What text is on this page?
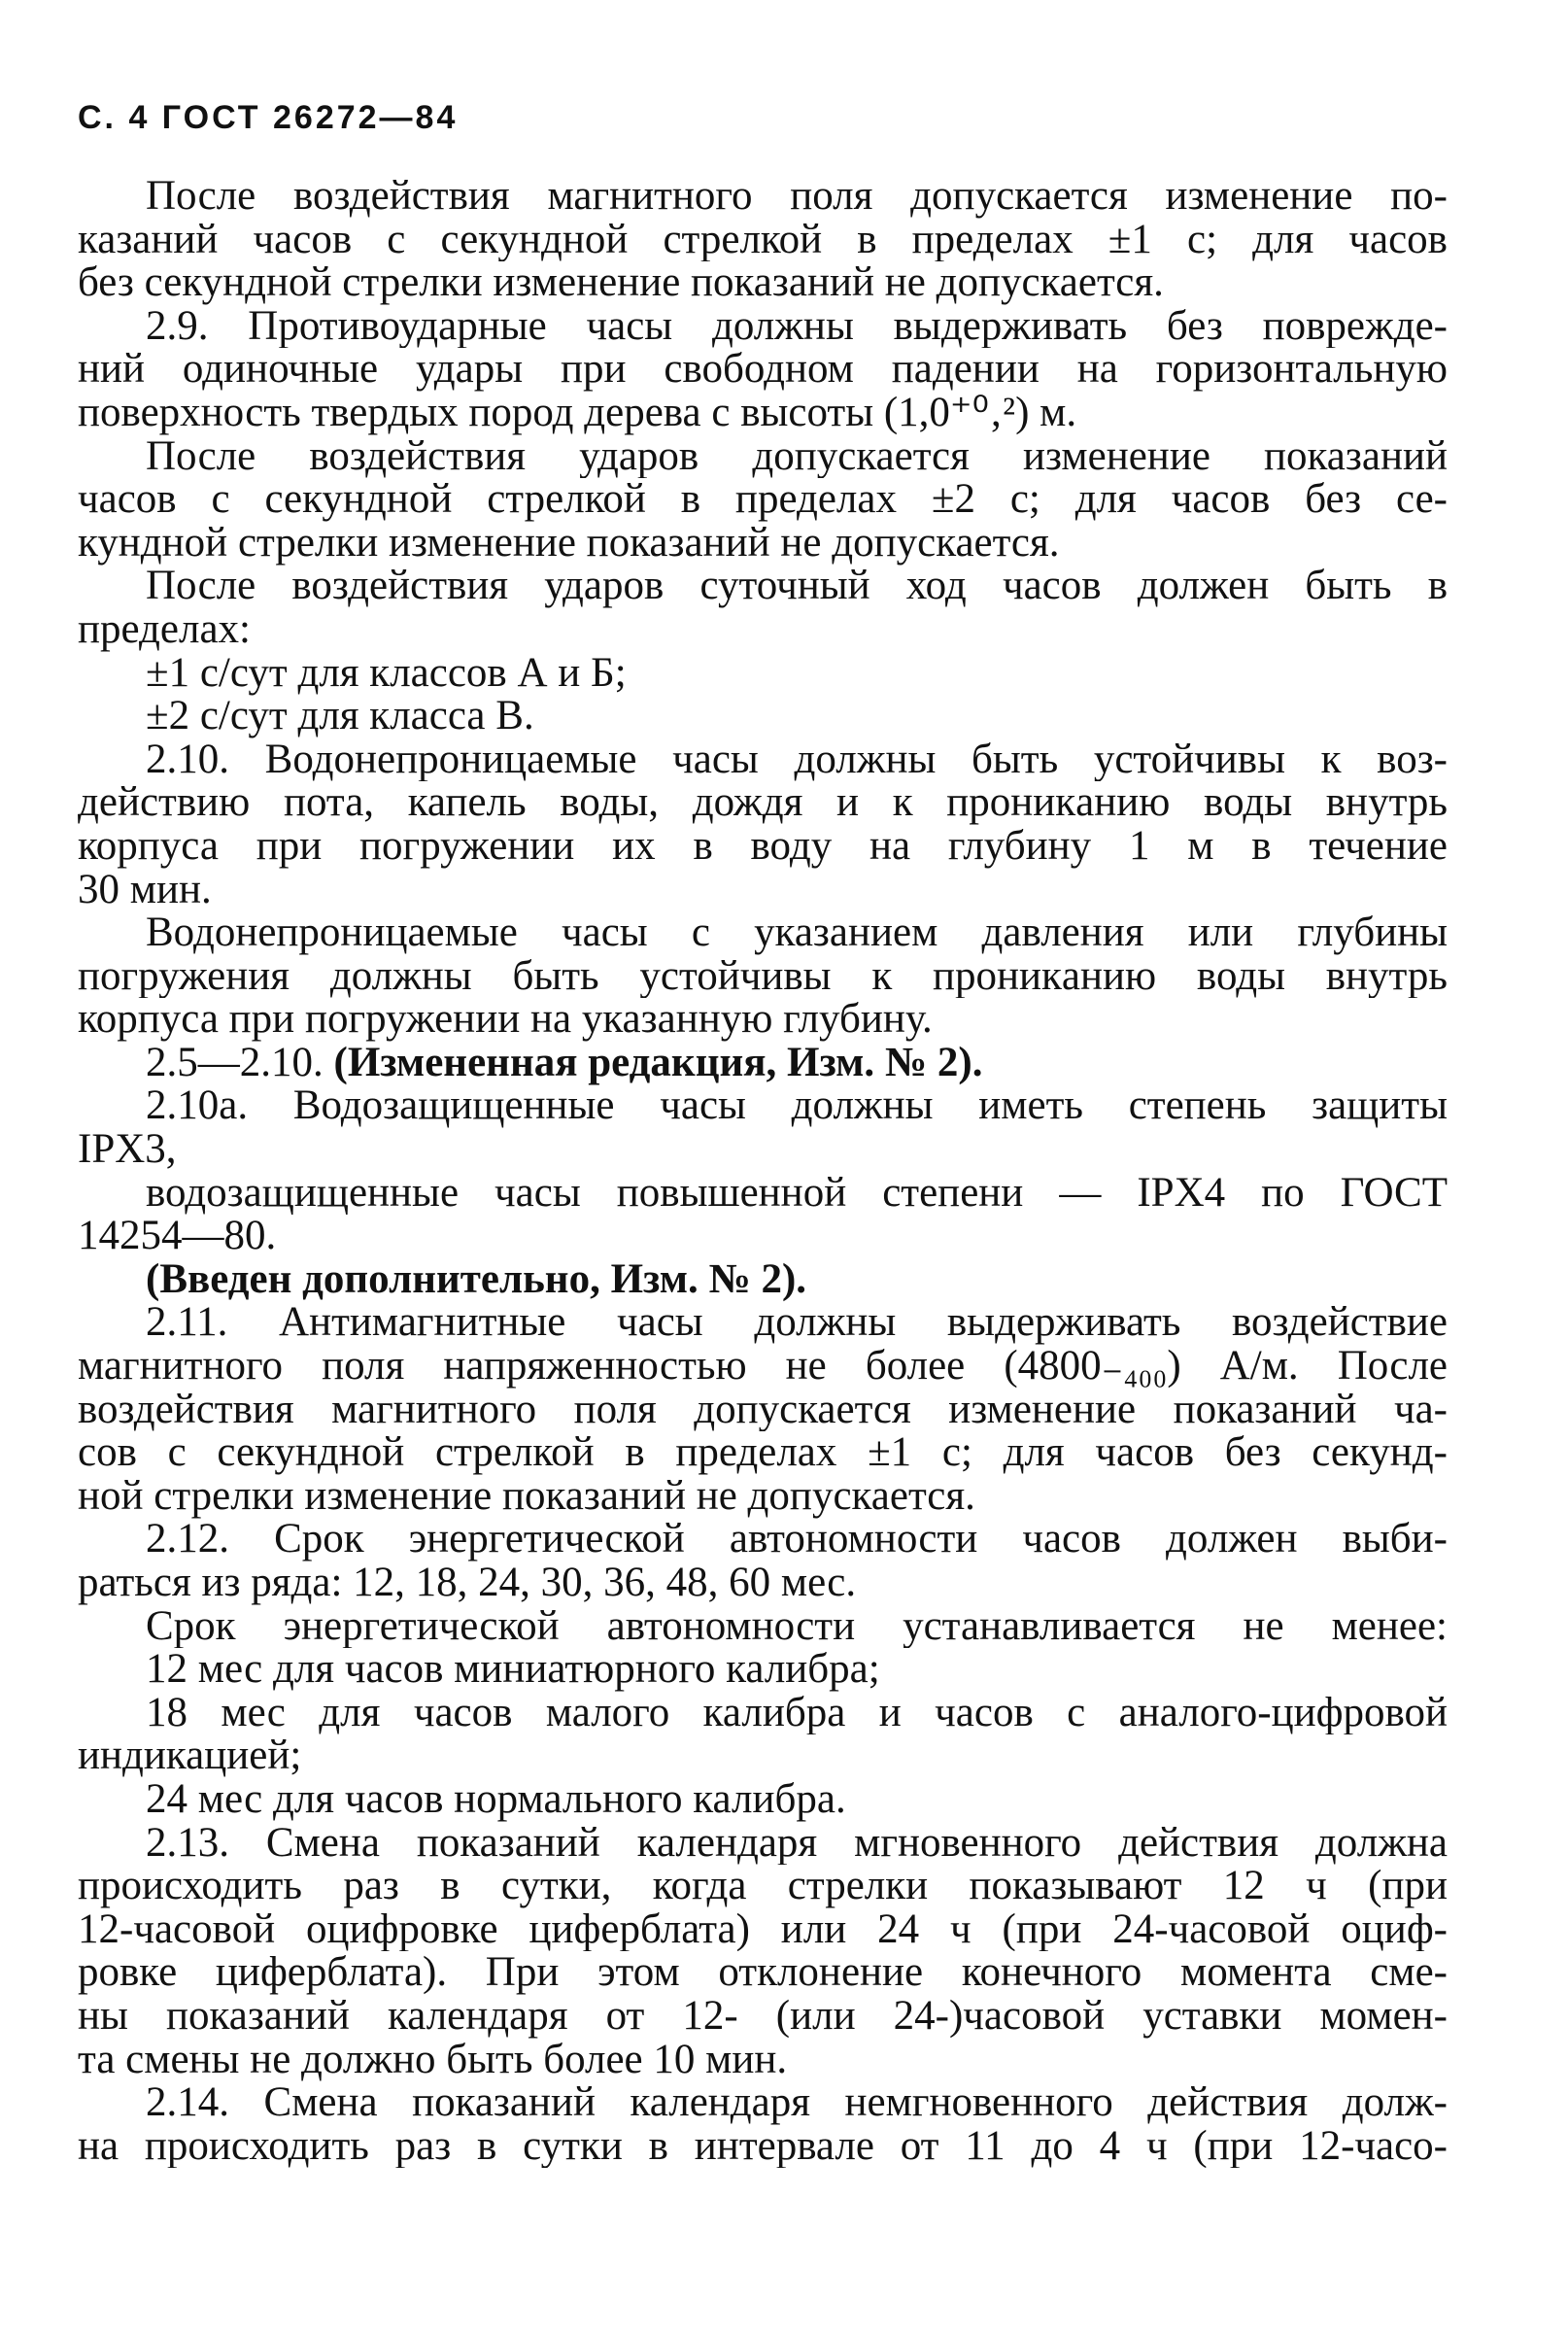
С. 4 ГОСТ 26272—84
После воздействия магнитного поля допускается изменение по-
казаний часов с секундной стрелкой в пределах ±1 с; для часов
без секундной стрелки изменение показаний не допускается.
2.9. Противоударные часы должны выдерживать без поврежде-
ний одиночные удары при свободном падении на горизонтальную
поверхность твердых пород дерева с высоты (1,0⁺⁰‚²) м.
После воздействия ударов допускается изменение показаний
часов с секундной стрелкой в пределах ±2 с; для часов без се-
кундной стрелки изменение показаний не допускается.
После воздействия ударов суточный ход часов должен быть в
пределах:
±1 с/сут для классов А и Б;
±2 с/сут для класса В.
2.10. Водонепроницаемые часы должны быть устойчивы к воз-
действию пота, капель воды, дождя и к проникaнию воды внутрь
корпуса при погружении их в воду на глубину 1 м в течение
30 мин.
Водонепроницаемые часы с указанием давления или глубины
погружения должны быть устойчивы к проникaнию воды внутрь
корпуса при погружении на указанную глубину.
2.5—2.10. (Измененная редакция, Изм. № 2).
2.10а. Водозащищенные часы должны иметь степень защиты
IPX3,
водозащищенные часы повышенной степени — IPX4 по ГОСТ
14254—80.
(Введен дополнительно, Изм. № 2).
2.11. Антимагнитные часы должны выдерживать воздействие
магнитного поля напряженностью не более (4800₋₄₀₀) А/м. После
воздействия магнитного поля допускается изменение показаний ча-
сов с секундной стрелкой в пределах ±1 с; для часов без секунд-
ной стрелки изменение показаний не допускается.
2.12. Срок энергетической автономности часов должен выби-
раться из ряда: 12, 18, 24, 30, 36, 48, 60 мес.
Срок энергетической автономности устанавливается не менее:
12 мес для часов миниатюрного калибра;
18 мес для часов малого калибра и часов с аналого-цифровой
индикацией;
24 мес для часов нормального калибра.
2.13. Смена показаний календаря мгновенного действия должна
происходить раз в сутки, когда стрелки показывают 12 ч (при
12-часовой оцифровке циферблата) или 24 ч (при 24-часовой оциф-
ровке циферблата). При этом отклонение конечного момента сме-
ны показаний календаря от 12- (или 24-)часовой уставки момен-
та смены не должно быть более 10 мин.
2.14. Смена показаний календаря немгновенного действия долж-
на происходить раз в сутки в интервале от 11 до 4 ч (при 12-часо-
